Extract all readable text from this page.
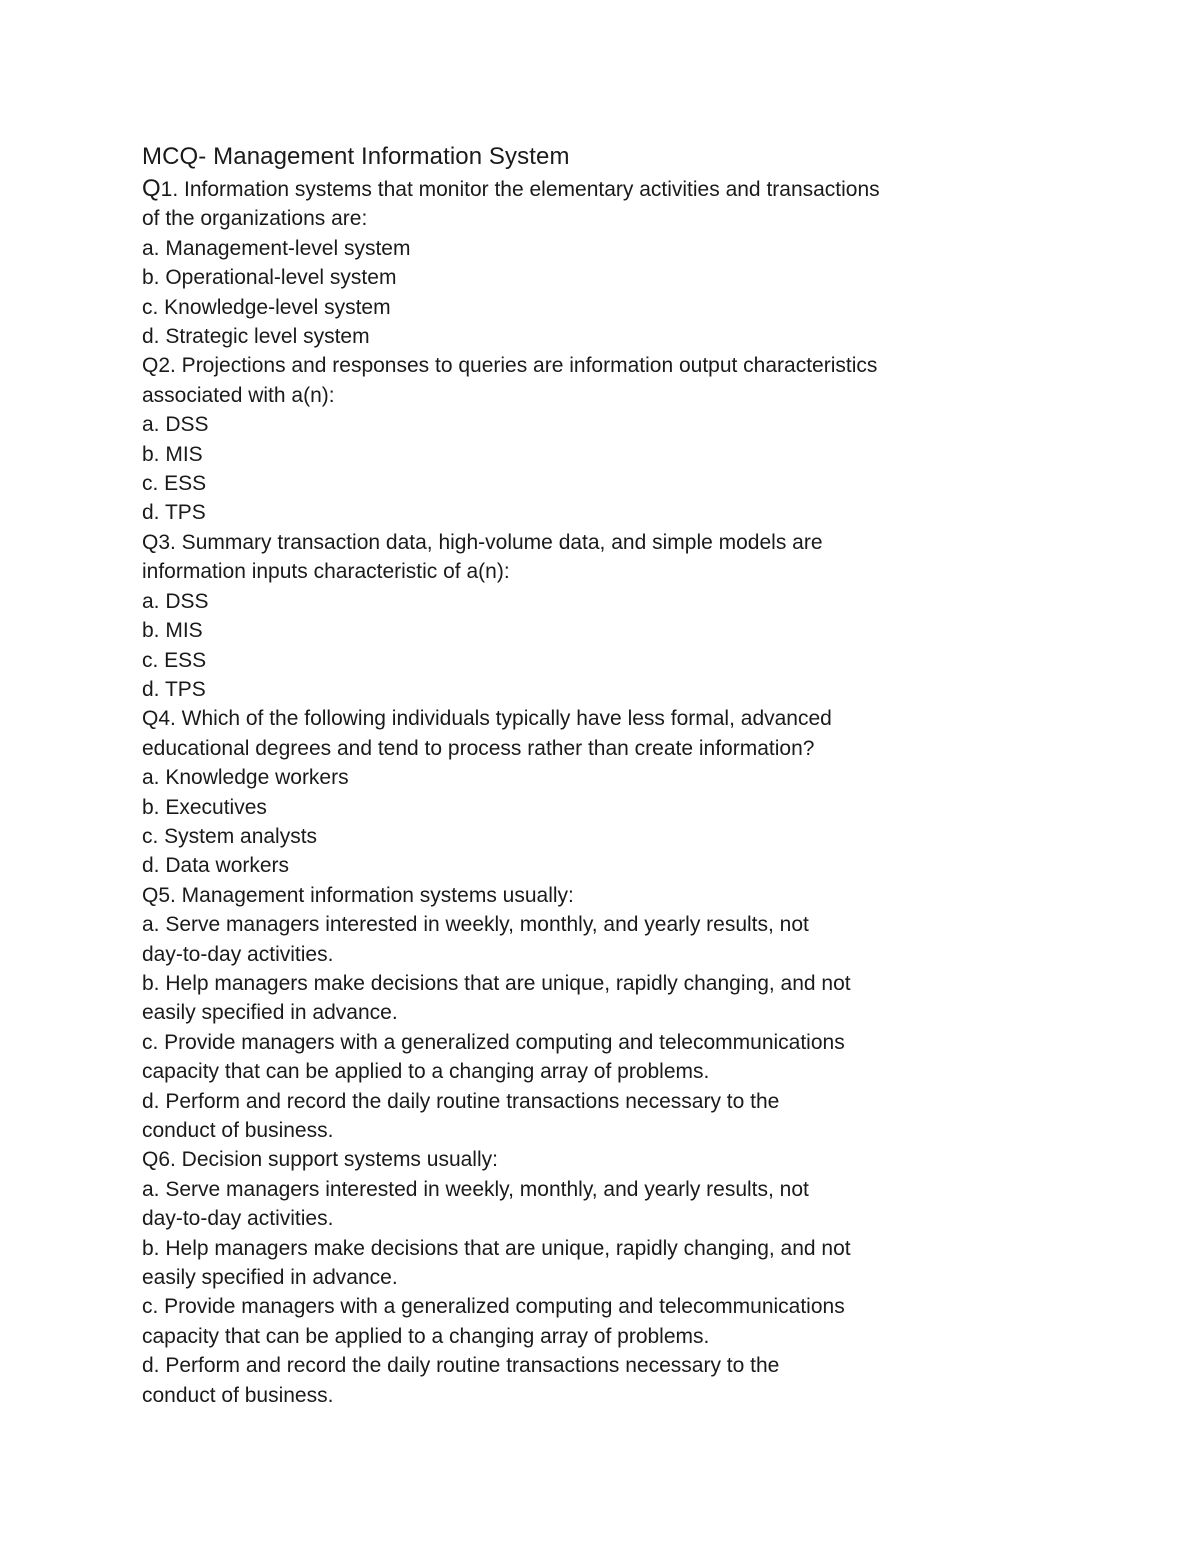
MCQ- Management Information System

Q1. Information systems that monitor the elementary activities and transactions

of the organizations are:

a. Management-level system

b. Operational-level system

c. Knowledge-level system

d. Strategic level system

Q2. Projections and responses to queries are information output characteristics

associated with a(n):

a. DSS

b. MIS

c. ESS

d. TPS

Q3. Summary transaction data, high-volume data, and simple models are

information inputs characteristic of a(n):

a. DSS

b. MIS

c. ESS

d. TPS

Q4. Which of the following individuals typically have less formal, advanced

educational degrees and tend to process rather than create information?

a. Knowledge workers

b. Executives

c. System analysts

d. Data workers

Q5. Management information systems usually:

a. Serve managers interested in weekly, monthly, and yearly results, not

day-to-day activities.

b. Help managers make decisions that are unique, rapidly changing, and not

easily specified in advance.

c. Provide managers with a generalized computing and telecommunications

capacity that can be applied to a changing array of problems.

d. Perform and record the daily routine transactions necessary to the

conduct of business.

Q6. Decision support systems usually:

a. Serve managers interested in weekly, monthly, and yearly results, not

day-to-day activities.

b. Help managers make decisions that are unique, rapidly changing, and not

easily specified in advance.

c. Provide managers with a generalized computing and telecommunications

capacity that can be applied to a changing array of problems.

d. Perform and record the daily routine transactions necessary to the

conduct of business.
